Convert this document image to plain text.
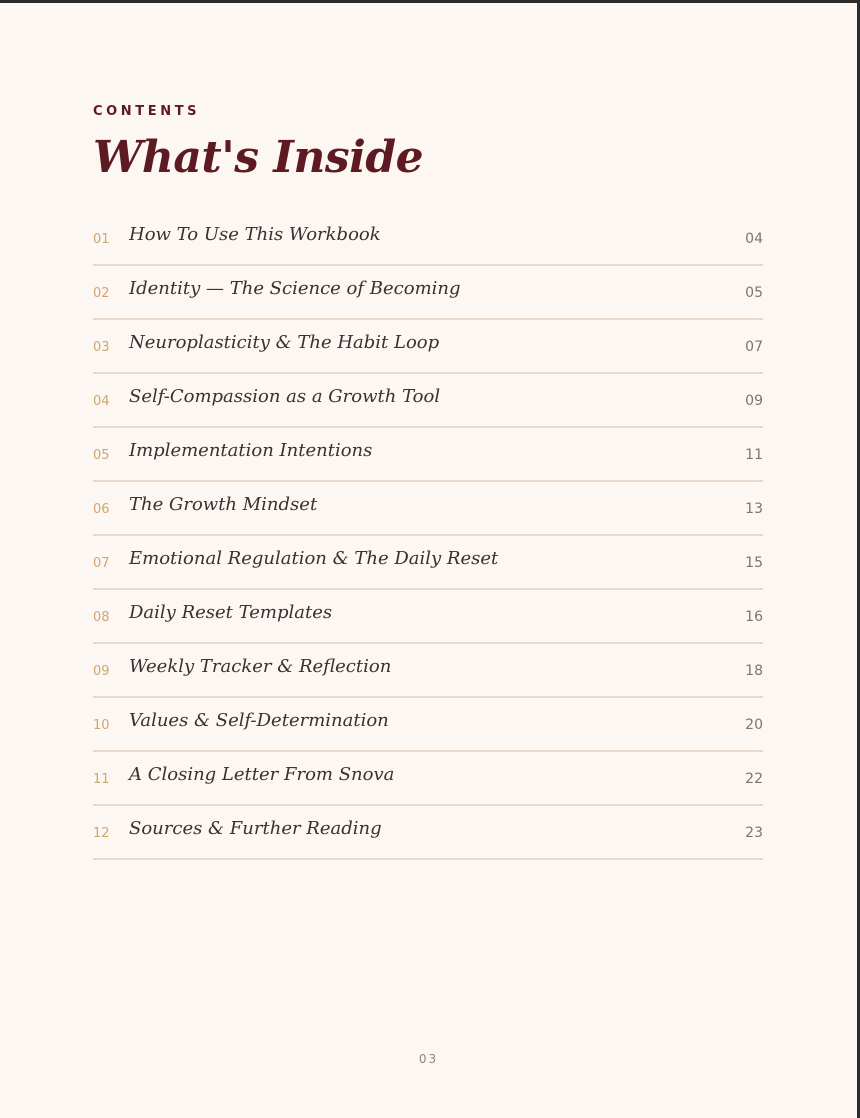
CONTENTS

What's Inside
01 How To Use This Workbook	04
02 Identity — The Science of Becoming	05
03 Neuroplasticity & The Habit Loop	07
04 Self-Compassion as a Growth Tool	09
05 Implementation Intentions	11
06 The Growth Mindset	13
07 Emotional Regulation & The Daily Reset	15
08 Daily Reset Templates	16
09 Weekly Tracker & Reflection	18
10 Values & Self-Determination	20
11 A Closing Letter From Snova	22
12 Sources & Further Reading	23
03
